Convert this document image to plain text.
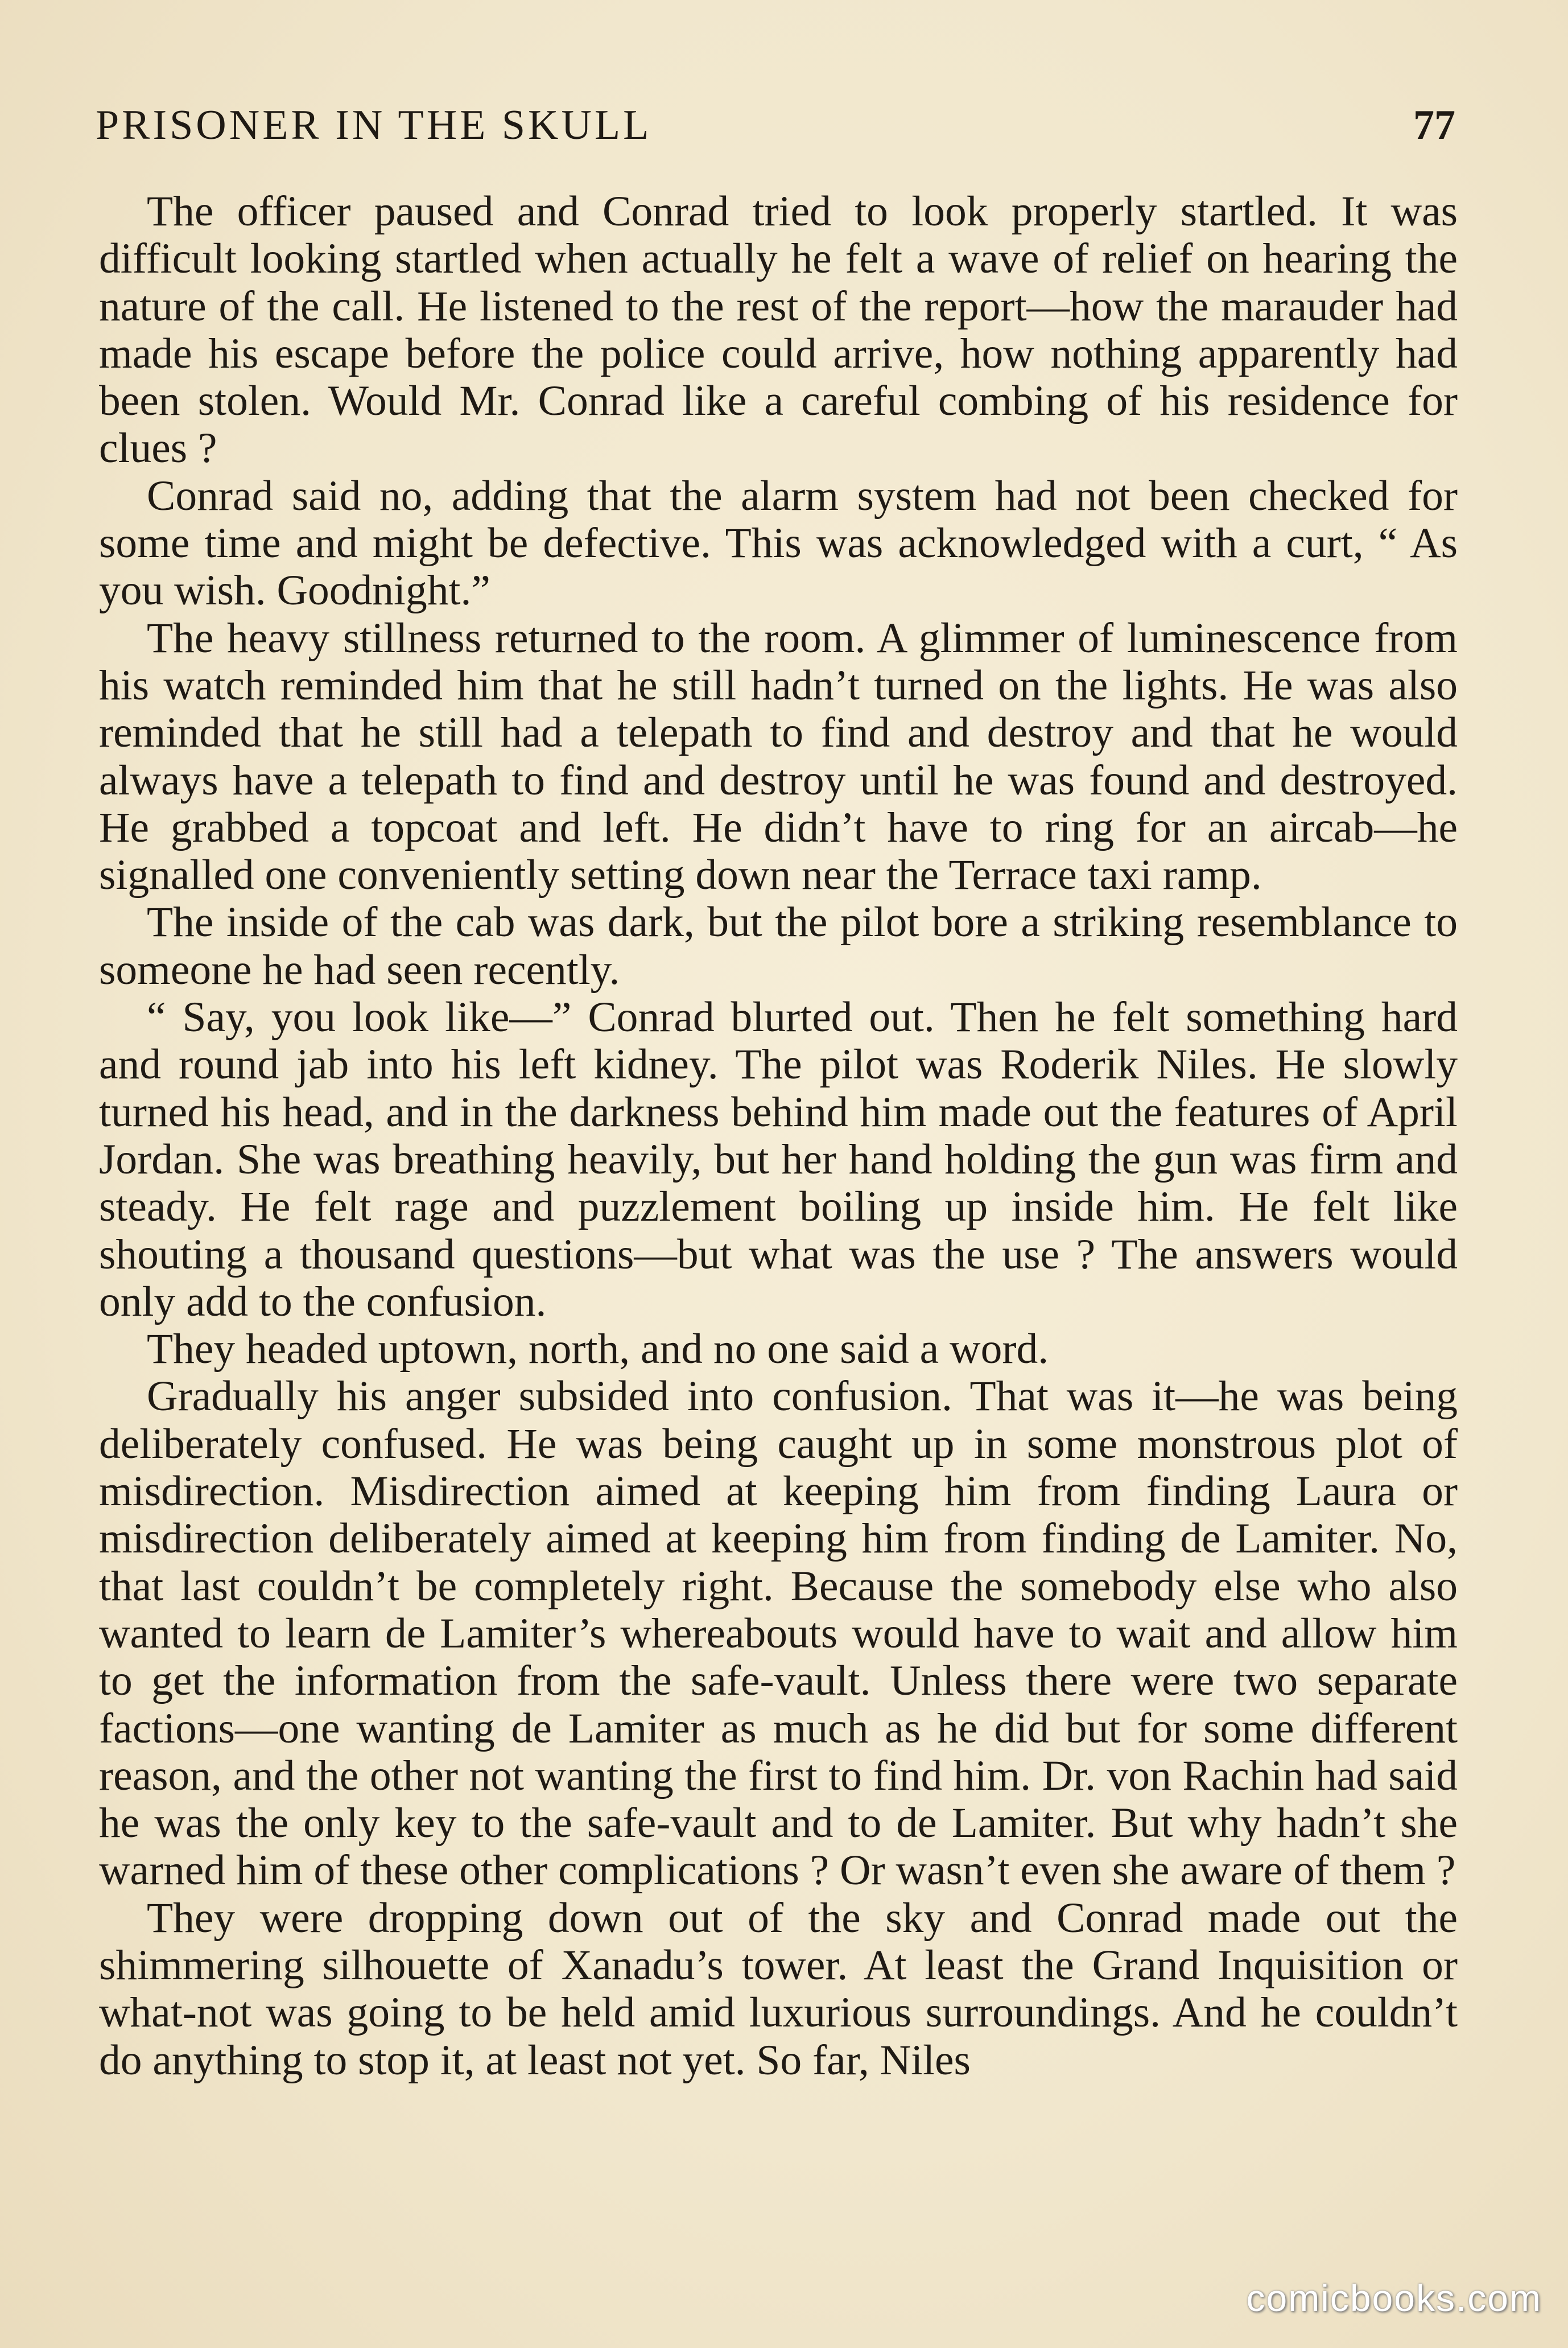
PRISONER IN THE SKULL	77

The officer paused and Conrad tried to look properly startled. It was difficult looking startled when actually he felt a wave of relief on hearing the nature of the call. He listened to the rest of the report—how the marauder had made his escape before the police could arrive, how nothing apparently had been stolen. Would Mr. Conrad like a careful combing of his residence for clues ?

Conrad said no, adding that the alarm system had not been checked for some time and might be defective. This was acknowledged with a curt, “ As you wish. Goodnight.”

The heavy stillness returned to the room. A glimmer of luminescence from his watch reminded him that he still hadn’t turned on the lights. He was also reminded that he still had a telepath to find and destroy and that he would always have a telepath to find and destroy until he was found and destroyed. He grabbed a topcoat and left. He didn’t have to ring for an aircab—he signalled one conveniently setting down near the Terrace taxi ramp.

The inside of the cab was dark, but the pilot bore a striking resemblance to someone he had seen recently.

“ Say, you look like—” Conrad blurted out. Then he felt something hard and round jab into his left kidney. The pilot was Roderik Niles. He slowly turned his head, and in the darkness behind him made out the features of April Jordan. She was breathing heavily, but her hand holding the gun was firm and steady. He felt rage and puzzlement boiling up inside him. He felt like shouting a thousand questions—but what was the use ? The answers would only add to the confusion.

They headed uptown, north, and no one said a word.

Gradually his anger subsided into confusion. That was it—he was being deliberately confused. He was being caught up in some monstrous plot of misdirection. Misdirection aimed at keeping him from finding Laura or misdirection deliberately aimed at keeping him from finding de Lamiter. No, that last couldn’t be completely right. Because the somebody else who also wanted to learn de Lamiter’s whereabouts would have to wait and allow him to get the information from the safe-vault. Unless there were two separate factions—one wanting de Lamiter as much as he did but for some different reason, and the other not wanting the first to find him. Dr. von Rachin had said he was the only key to the safe-vault and to de Lamiter. But why hadn’t she warned him of these other complications ? Or wasn’t even she aware of them ?

They were dropping down out of the sky and Conrad made out the shimmering silhouette of Xanadu’s tower. At least the Grand Inquisition or what-not was going to be held amid luxurious surroundings. And he couldn’t do anything to stop it, at least not yet. So far, Niles

comicbooks.com
